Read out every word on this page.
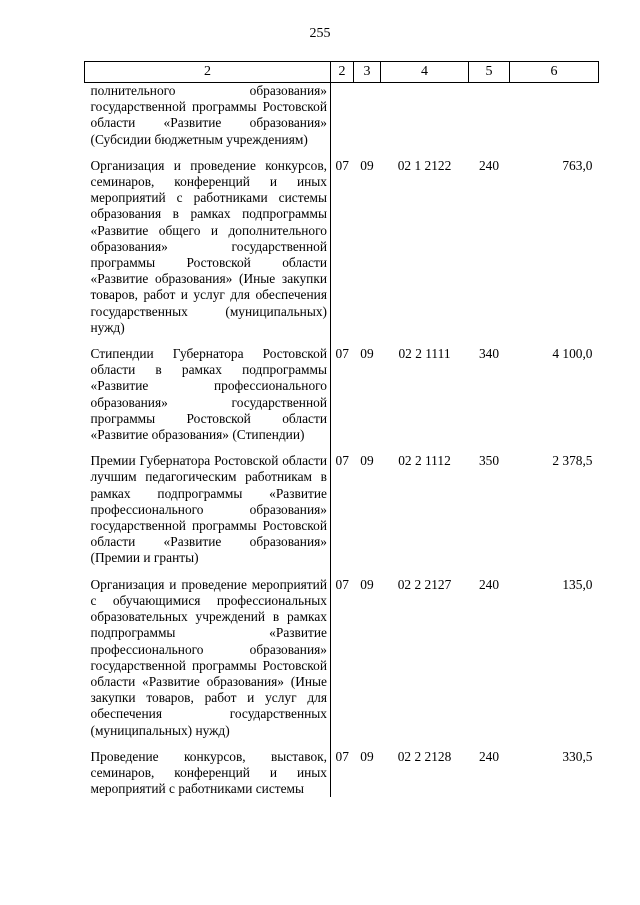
255
2	2	3	4	5	6
полнительного образования» государственной программы Ростовской области «Развитие образования» (Субсидии бюджетным учреждениям)					

Организация и проведение конкурсов, семинаров, конференций и иных мероприятий с работниками системы образования в рамках подпрограммы «Развитие общего и дополнительного образования» государственной программы Ростовской области «Развитие образования» (Иные закупки товаров, работ и услуг для обеспечения государственных (муниципальных) нужд)	07	09	02 1 2122	240	763,0

Стипендии Губернатора Ростовской области в рамках подпрограммы «Развитие профессионального образования» государственной программы Ростовской области «Развитие образования» (Стипендии)	07	09	02 2 1111	340	4 100,0

Премии Губернатора Ростовской области лучшим педагогическим работникам в рамках подпрограммы «Развитие профессионального образования» государственной программы Ростовской области «Развитие образования» (Премии и гранты)	07	09	02 2 1112	350	2 378,5

Организация и проведение мероприятий с обучающимися профессиональных образовательных учреждений в рамках подпрограммы «Развитие профессионального образования» государственной программы Ростовской области «Развитие образования» (Иные закупки товаров, работ и услуг для обеспечения государственных (муниципальных) нужд)	07	09	02 2 2127	240	135,0

Проведение конкурсов, выставок, семинаров, конференций и иных мероприятий с работниками системы	07	09	02 2 2128	240	330,5
